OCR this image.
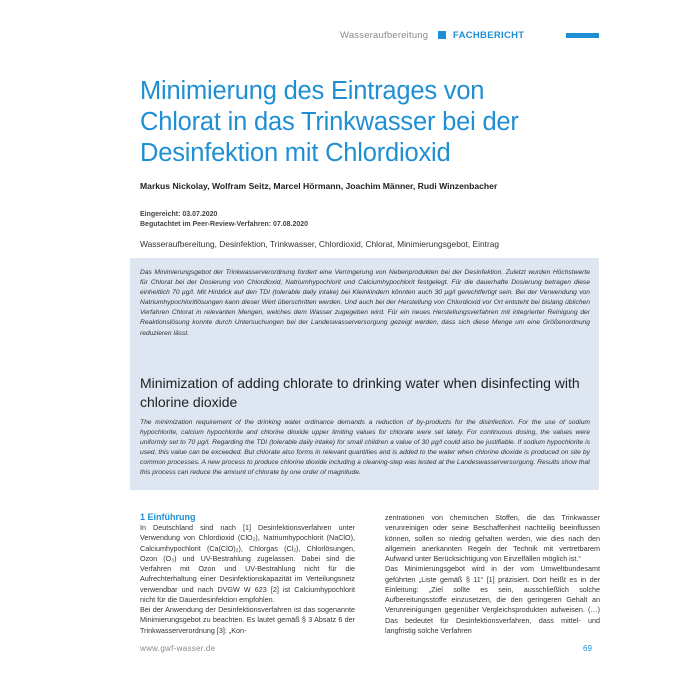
Wasseraufbereitung	FACHBERICHT
Minimierung des Eintrages von Chlorat in das Trinkwasser bei der Desinfektion mit Chlordioxid
Markus Nickolay, Wolfram Seitz, Marcel Hörmann, Joachim Männer, Rudi Winzenbacher
Eingereicht: 03.07.2020
Begutachtet im Peer-Review-Verfahren: 07.08.2020
Wasseraufbereitung, Desinfektion, Trinkwasser, Chlordioxid, Chlorat, Minimierungsgebot, Eintrag

Das Minimierungsgebot der Trinkwasserverordnung fordert eine Verringerung von Nebenprodukten bei der Desinfektion. Zuletzt wurden Höchstwerte für Chlorat bei der Dosierung von Chlordioxid, Natriumhypochlorit und Calciumhypochlorit festgelegt. Für die dauerhafte Dosierung betragen diese einheitlich 70 µg/l. Mit Hinblick auf den TDI (tolerable daily intake) bei Kleinkindern könnten auch 30 µg/l gerechtfertigt sein. Bei der Verwendung von Natriumhypochloritlösungen kann dieser Wert überschritten werden. Und auch bei der Herstellung von Chlordioxid vor Ort entsteht bei bislang üblichen Verfahren Chlorat in relevanten Mengen, welches dem Wasser zugegeben wird. Für ein neues Herstellungsverfahren mit integrierter Reinigung der Reaktionslösung konnte durch Untersuchungen bei der Landeswasserversorgung gezeigt werden, dass sich diese Menge um eine Größenordnung reduzieren lässt.

Minimization of adding chlorate to drinking water when disinfecting with chlorine dioxide

The minimization requirement of the drinking water ordinance demands a reduction of by-products for the disinfection. For the use of sodium hypochlorite, calcium hypochlorite and chlorine dioxide upper limiting values for chlorate were set lately. For continuous dosing, the values were uniformly set to 70 µg/l. Regarding the TDI (tolerable daily intake) for small children a value of 30 µg/l could also be justifiable. If sodium hypochlorite is used, this value can be exceeded. But chlorate also forms in relevant quantities and is added to the water when chlorine dioxide is produced on site by common processes. A new process to produce chlorine dioxide including a cleaning-step was tested at the Landeswasserversorgung. Results show that this process can reduce the amount of chlorate by one order of magnitude.

1 Einführung

In Deutschland sind nach [1] Desinfektionsverfahren unter Verwendung von Chlordioxid (ClO₂), Natriumhypochlorit (NaClO), Calciumhypochlorit (Ca(ClO)₂), Chlorgas (Cl₂), Chlorlösungen, Ozon (O₃) und UV-Bestrahlung zugelassen. Dabei sind die Verfahren mit Ozon und UV-Bestrahlung nicht für die Aufrechterhaltung einer Desinfektionskapazität im Verteilungsnetz verwendbar und nach DVGW W 623 [2] ist Calciumhypochlorit nicht für die Dauerdesinfektion empfohlen.

Bei der Anwendung der Desinfektionsverfahren ist das sogenannte Minimierungsgebot zu beachten. Es lautet gemäß § 3 Absatz 6 der Trinkwasserverordnung [3]: „Kon-

zentrationen von chemischen Stoffen, die das Trinkwasser verunreinigen oder seine Beschaffenheit nachteilig beeinflussen können, sollen so niedrig gehalten werden, wie dies nach den allgemein anerkannten Regeln der Technik mit vertretbarem Aufwand unter Berücksichtigung von Einzelfällen möglich ist.“

Das Minimierungsgebot wird in der vom Umweltbundesamt geführten „Liste gemäß § 11“ [1] präzisiert. Dort heißt es in der Einleitung: „Ziel sollte es sein, ausschließlich solche Aufbereitungsstoffe einzusetzen, die den geringeren Gehalt an Verunreinigungen gegenüber Vergleichsprodukten aufweisen. (…) Das bedeutet für Desinfektionsverfahren, dass mittel- und langfristig solche Verfahren

www.gwf-wasser.de	69
